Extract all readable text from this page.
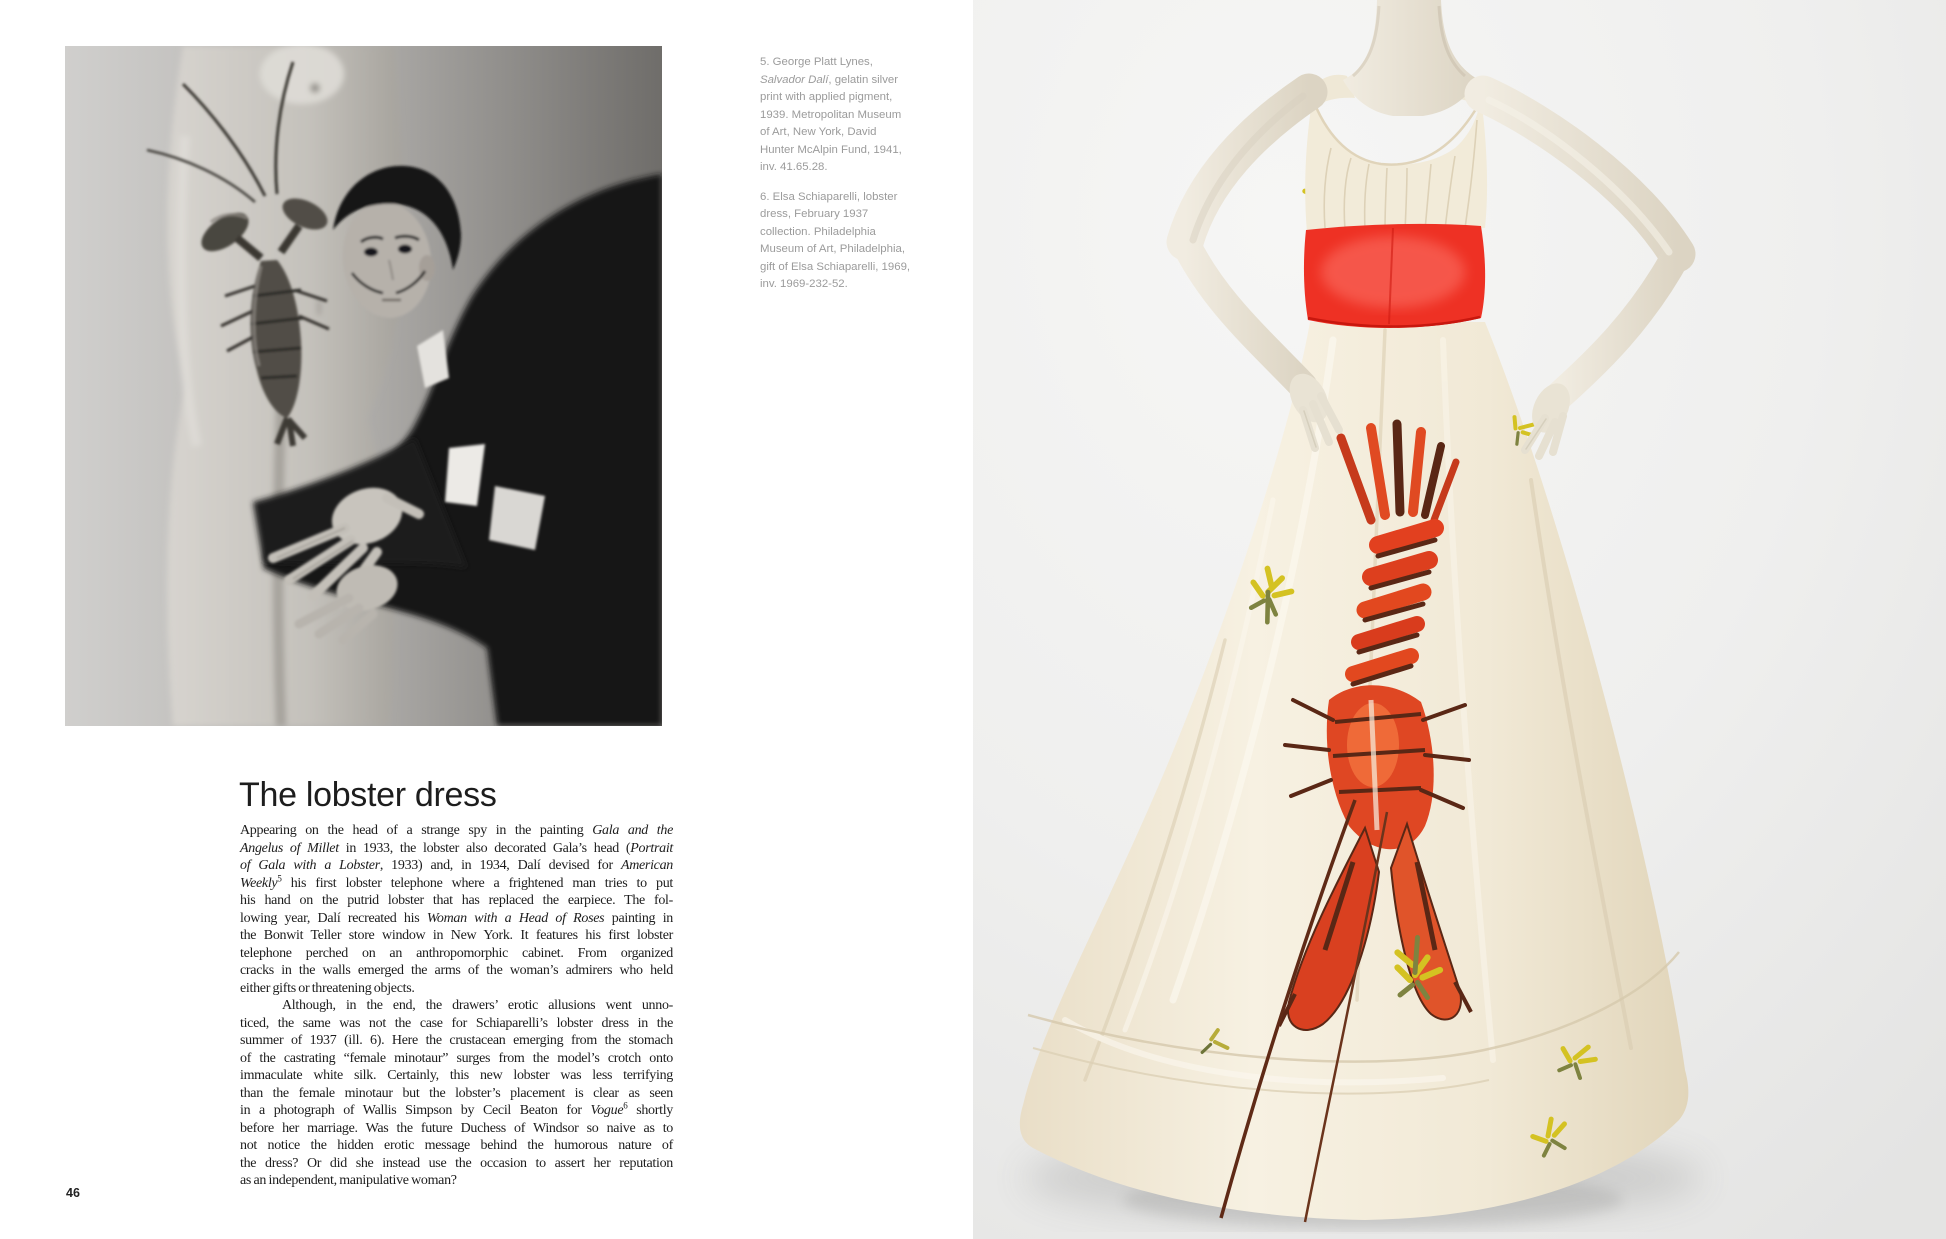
5. George Platt Lynes,
Salvador Dalí, gelatin silver
print with applied pigment,
1939. Metropolitan Museum
of Art, New York, David
Hunter McAlpin Fund, 1941,
inv. 41.65.28.
6. Elsa Schiaparelli, lobster
dress, February 1937
collection. Philadelphia
Museum of Art, Philadelphia,
gift of Elsa Schiaparelli, 1969,
inv. 1969-232-52.
The lobster dress
Appearing on the head of a strange spy in the painting Gala and the
Angelus of Millet in 1933, the lobster also decorated Gala’s head (Portrait
of Gala with a Lobster, 1933) and, in 1934, Dalí devised for American
Weekly$^5$ his first lobster telephone where a frightened man tries to put
his hand on the putrid lobster that has replaced the earpiece. The fol-
lowing year, Dalí recreated his Woman with a Head of Roses painting in
the Bonwit Teller store window in New York. It features his first lobster
telephone perched on an anthropomorphic cabinet. From organized
cracks in the walls emerged the arms of the woman’s admirers who held
either gifts or threatening objects.
Although, in the end, the drawers’ erotic allusions went unno-
ticed, the same was not the case for Schiaparelli’s lobster dress in the
summer of 1937 (ill. 6). Here the crustacean emerging from the stomach
of the castrating “female minotaur” surges from the model’s crotch onto
immaculate white silk. Certainly, this new lobster was less terrifying
than the female minotaur but the lobster’s placement is clear as seen
in a photograph of Wallis Simpson by Cecil Beaton for Vogue$^6$ shortly
before her marriage. Was the future Duchess of Windsor so naive as to
not notice the hidden erotic message behind the humorous nature of
the dress? Or did she instead use the occasion to assert her reputation
as an independent, manipulative woman?
46
